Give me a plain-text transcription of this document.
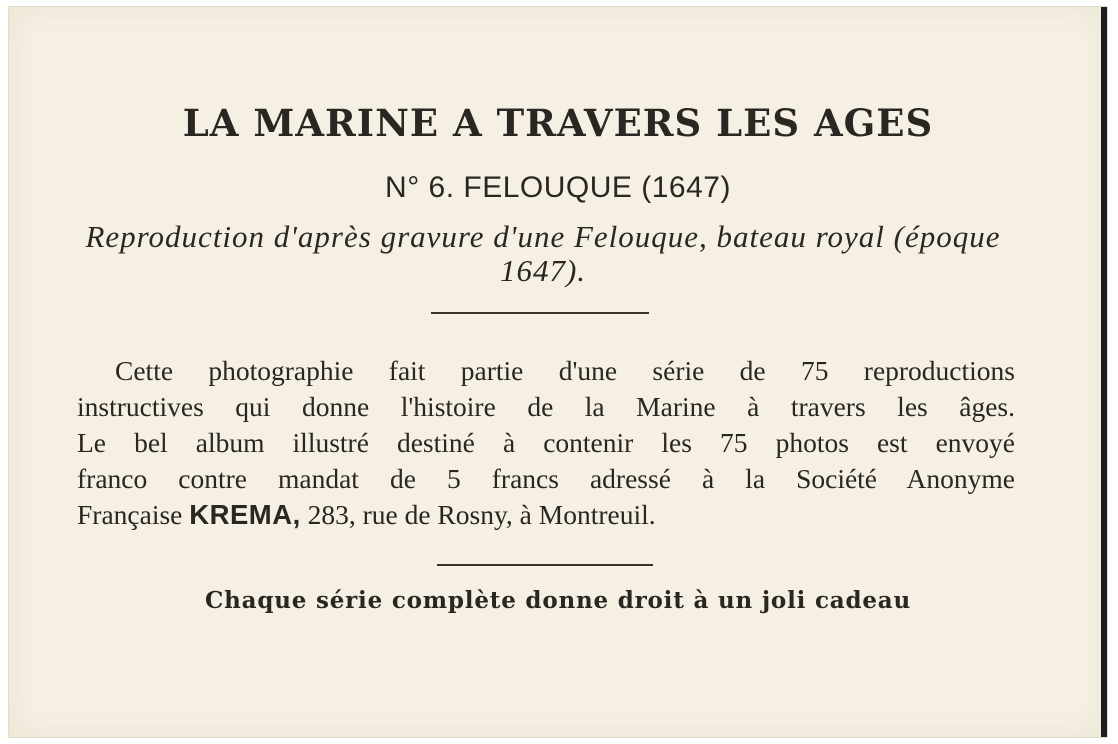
LA MARINE A TRAVERS LES AGES
N° 6. FELOUQUE (1647)
Reproduction d'après gravure d'une Felouque, bateau royal (époque 1647).
Cette photographie fait partie d'une série de 75 reproductions
instructives qui donne l'histoire de la Marine à travers les âges.
Le bel album illustré destiné à contenir les 75 photos est envoyé
franco contre mandat de 5 francs adressé à la Société Anonyme
Française KREMA, 283, rue de Rosny, à Montreuil.
Chaque série complète donne droit à un joli cadeau
